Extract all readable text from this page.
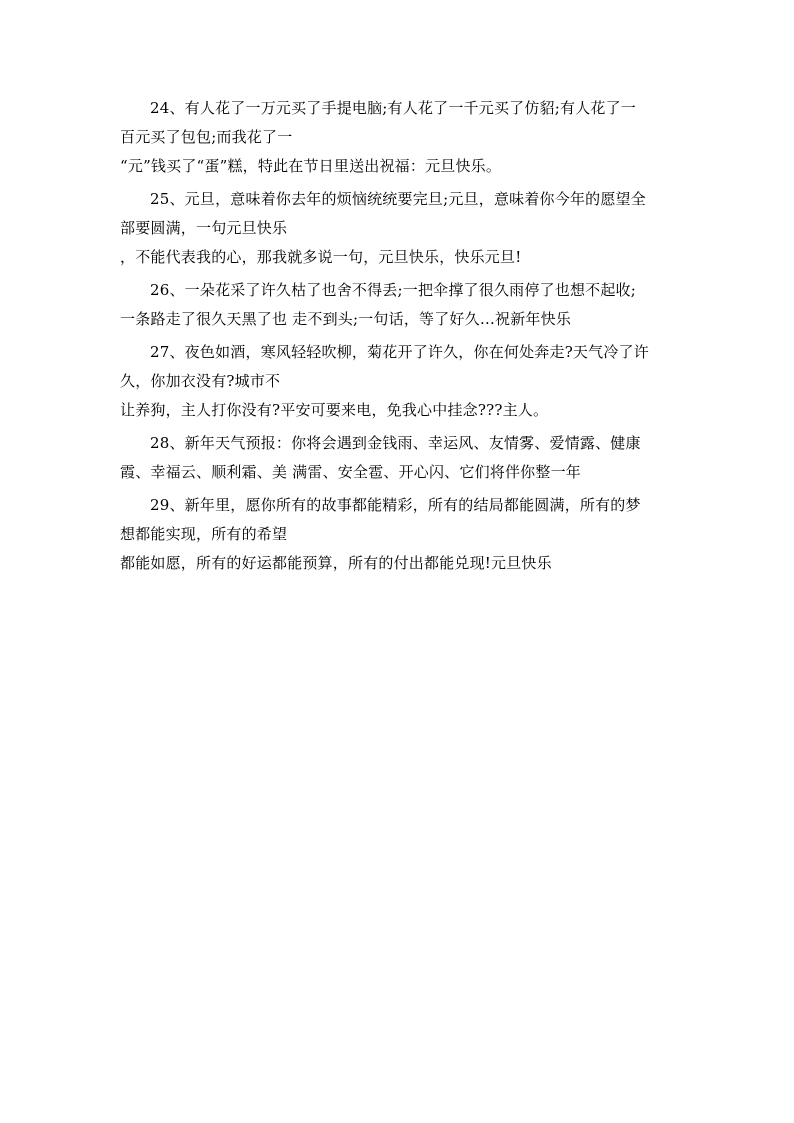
24、有人花了一万元买了手提电脑;有人花了一千元买了仿貂;有人花了一
百元买了包包;而我花了一
“元”钱买了“蛋”糕，特此在节日里送出祝福：元旦快乐。
25、元旦，意味着你去年的烦恼统统要完旦;元旦，意味着你今年的愿望全
部要圆满，一句元旦快乐
，不能代表我的心，那我就多说一句，元旦快乐，快乐元旦!
26、一朵花采了许久枯了也舍不得丢;一把伞撑了很久雨停了也想不起收;
一条路走了很久天黑了也 走不到头;一句话，等了好久…祝新年快乐
27、夜色如酒，寒风轻轻吹柳，菊花开了许久，你在何处奔走?天气冷了许
久，你加衣没有?城市不
让养狗，主人打你没有?平安可要来电，免我心中挂念???主人。
28、新年天气预报：你将会遇到金钱雨、幸运风、友情雾、爱情露、健康
霞、幸福云、顺利霜、美 满雷、安全雹、开心闪、它们将伴你整一年
29、新年里，愿你所有的故事都能精彩，所有的结局都能圆满，所有的梦
想都能实现，所有的希望
都能如愿，所有的好运都能预算，所有的付出都能兑现!元旦快乐
